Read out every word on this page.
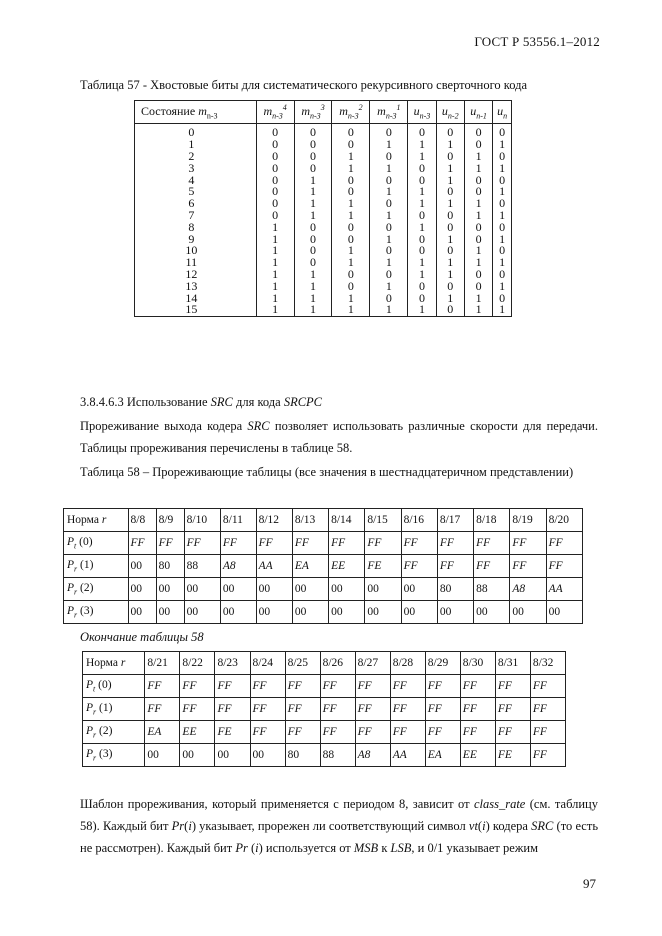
ГОСТ Р 53556.1–2012
Таблица 57 - Хвостовые биты для систематического рекурсивного сверточного кода
Состояние $m_{n-3}$	$m_{n-3}^4$	$m_{n-3}^3$	$m_{n-3}^2$	$m_{n-3}^1$	$u_{n-3}$	$u_{n-2}$	$u_{n-1}$	$u_n$
0	0	0	0	0	0	0	0	0
1	0	0	0	1	1	1	0	1
2	0	0	1	0	1	0	1	0
3	0	0	1	1	0	1	1	1
4	0	1	0	0	0	1	0	0
5	0	1	0	1	1	0	0	1
6	0	1	1	0	1	1	1	0
7	0	1	1	1	0	0	1	1
8	1	0	0	0	1	0	0	0
9	1	0	0	1	0	1	0	1
10	1	0	1	0	0	0	1	0
11	1	0	1	1	1	1	1	1
12	1	1	0	0	1	1	0	0
13	1	1	0	1	0	0	0	1
14	1	1	1	0	0	1	1	0
15	1	1	1	1	1	0	1	1
3.8.4.6.3 Использование SRC для кода SRCPC
Прореживание выхода кодера SRC позволяет использовать различные скорости для передачи. Таблицы прореживания перечислены в таблице 58.
Таблица 58 – Прореживающие таблицы (все значения в шестнадцатеричном представлении)
Норма r	8/8	8/9	8/10	8/11	8/12	8/13	8/14	8/15	8/16	8/17	8/18	8/19	8/20
$P_t$ (0)	FF	FF	FF	FF	FF	FF	FF	FF	FF	FF	FF	FF	FF
$P_r$ (1)	00	80	88	A8	AA	EA	EE	FE	FF	FF	FF	FF	FF
$P_r$ (2)	00	00	00	00	00	00	00	00	00	80	88	A8	AA
$P_r$ (3)	00	00	00	00	00	00	00	00	00	00	00	00	00
Окончание таблицы 58
Норма r	8/21	8/22	8/23	8/24	8/25	8/26	8/27	8/28	8/29	8/30	8/31	8/32
$P_t$ (0)	FF	FF	FF	FF	FF	FF	FF	FF	FF	FF	FF	FF
$P_r$ (1)	FF	FF	FF	FF	FF	FF	FF	FF	FF	FF	FF	FF
$P_r$ (2)	EA	EE	FE	FF	FF	FF	FF	FF	FF	FF	FF	FF
$P_r$ (3)	00	00	00	00	80	88	A8	AA	EA	EE	FE	FF
Шаблон прореживания, который применяется с периодом 8, зависит от class_rate (см. таблицу 58). Каждый бит Pr(i) указывает, прорежен ли соответствующий символ vt(i) кодера SRC (то есть не рассмотрен). Каждый бит Pr (i) используется от MSB к LSB, и 0/1 указывает режим
97
